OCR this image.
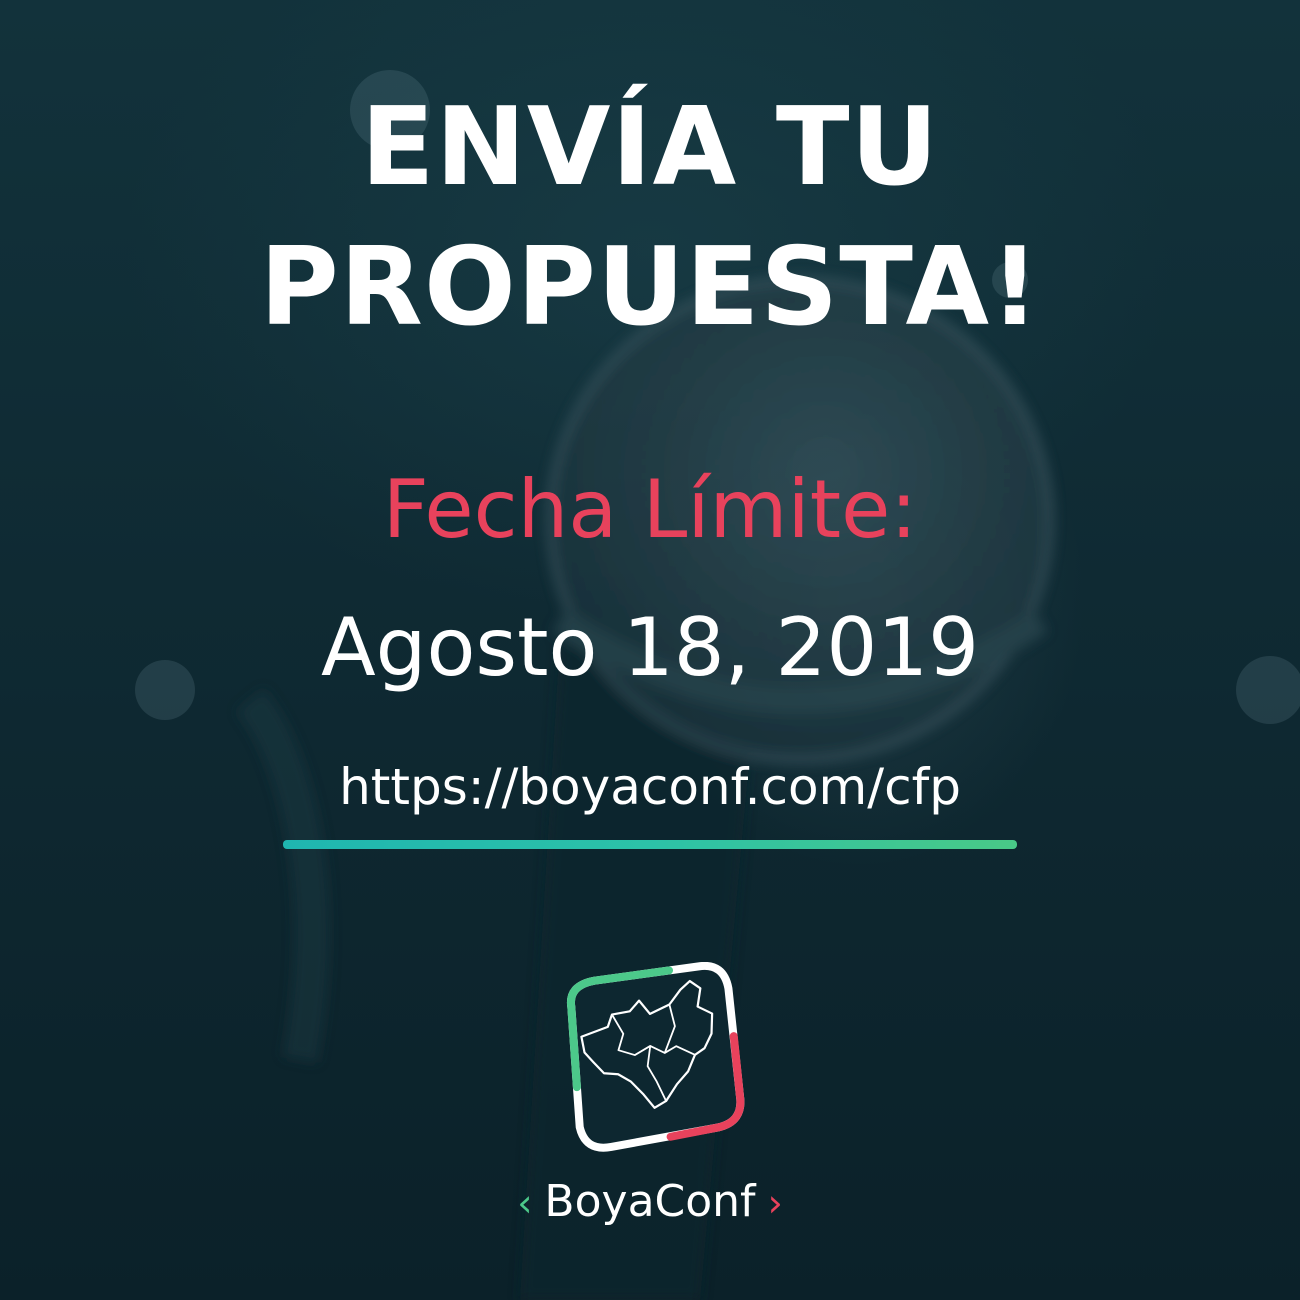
ENVÍA TU
PROPUESTA!
Fecha Límite:
Agosto 18, 2019
https://boyaconf.com/cfp
‹ BoyaConf ›
